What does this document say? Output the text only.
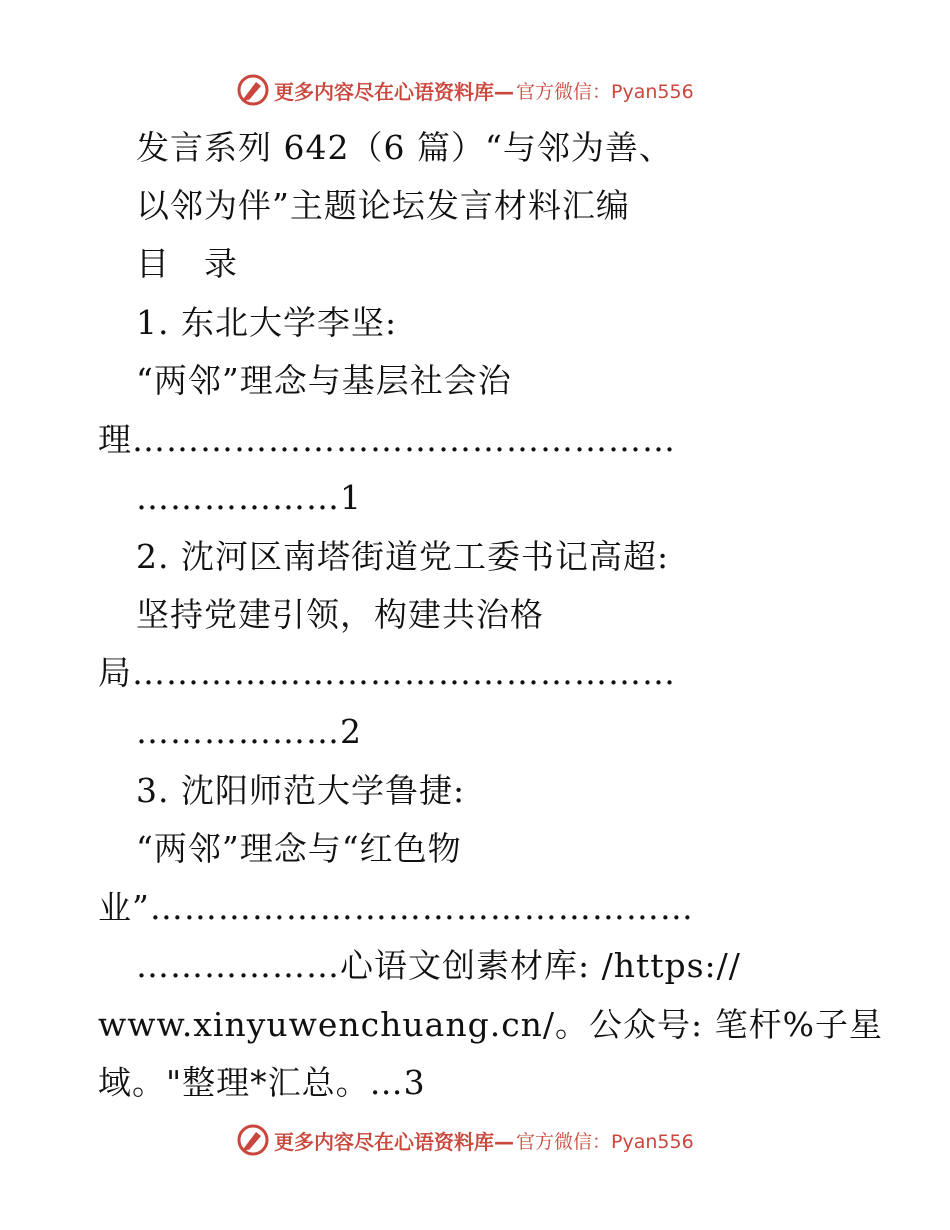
更多内容尽在心语资料库— 官方微信：Pyan556
发言系列 642（6 篇）“与邻为善、
以邻为伴”主题论坛发言材料汇编
目　录
1. 东北大学李坚:
“两邻”理念与基层社会治
理…………………………………………
………………1
2. 沈河区南塔街道党工委书记高超:
坚持党建引领，构建共治格
局…………………………………………
………………2
3. 沈阳师范大学鲁捷:
“两邻”理念与“红色物
业”…………………………………………
………………心语文创素材库: /https://
www.xinyuwenchuang.cn/。公众号: 笔杆%子星
域。"整理*汇总。…3
更多内容尽在心语资料库— 官方微信：Pyan556
